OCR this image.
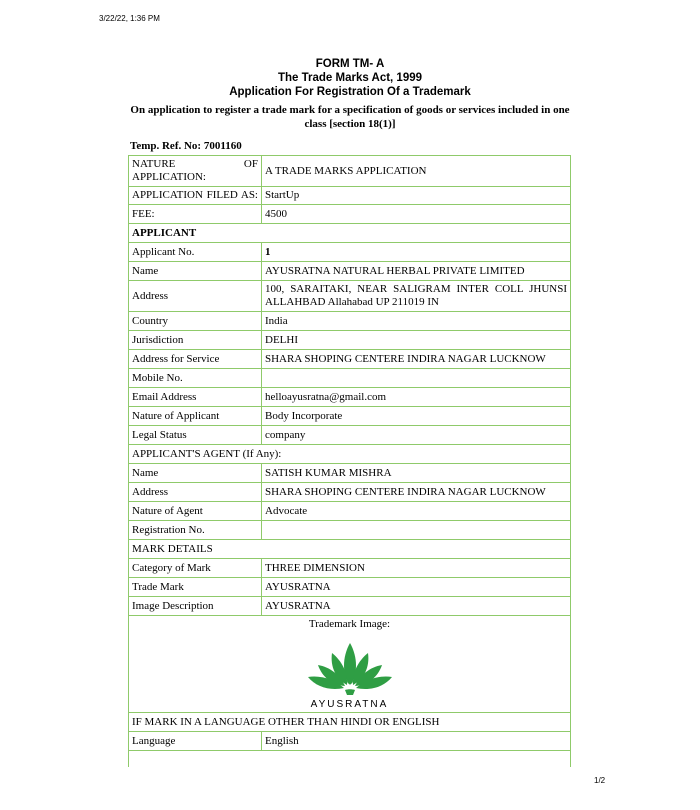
3/22/22, 1:36 PM
FORM TM- A
The Trade Marks Act, 1999
Application For Registration Of a Trademark
On application to register a trade mark for a specification of goods or services included in one class [section 18(1)]
Temp. Ref. No: 7001160
NATURE OF APPLICATION:	A TRADE MARKS APPLICATION
APPLICATION FILED AS:	StartUp
FEE:	4500
APPLICANT	
Applicant No.	1
Name	AYUSRATNA NATURAL HERBAL PRIVATE LIMITED
Address	100, SARAITAKI, NEAR SALIGRAM INTER COLL JHUNSI ALLAHBAD Allahabad UP 211019 IN
Country	India
Jurisdiction	DELHI
Address for Service	SHARA SHOPING CENTERE INDIRA NAGAR LUCKNOW
Mobile No.	
Email Address	helloayusratna@gmail.com
Nature of Applicant	Body Incorporate
Legal Status	company
APPLICANT'S AGENT (If Any):	
Name	SATISH KUMAR MISHRA
Address	SHARA SHOPING CENTERE INDIRA NAGAR LUCKNOW
Nature of Agent	Advocate
Registration No.	
MARK DETAILS	
Category of Mark	THREE DIMENSION
Trade Mark	AYUSRATNA
Image Description	AYUSRATNA

Trademark Image:
AYUSRATNA	

IF MARK IN A LANGUAGE OTHER THAN HINDI OR ENGLISH	
Language	English

1/2
